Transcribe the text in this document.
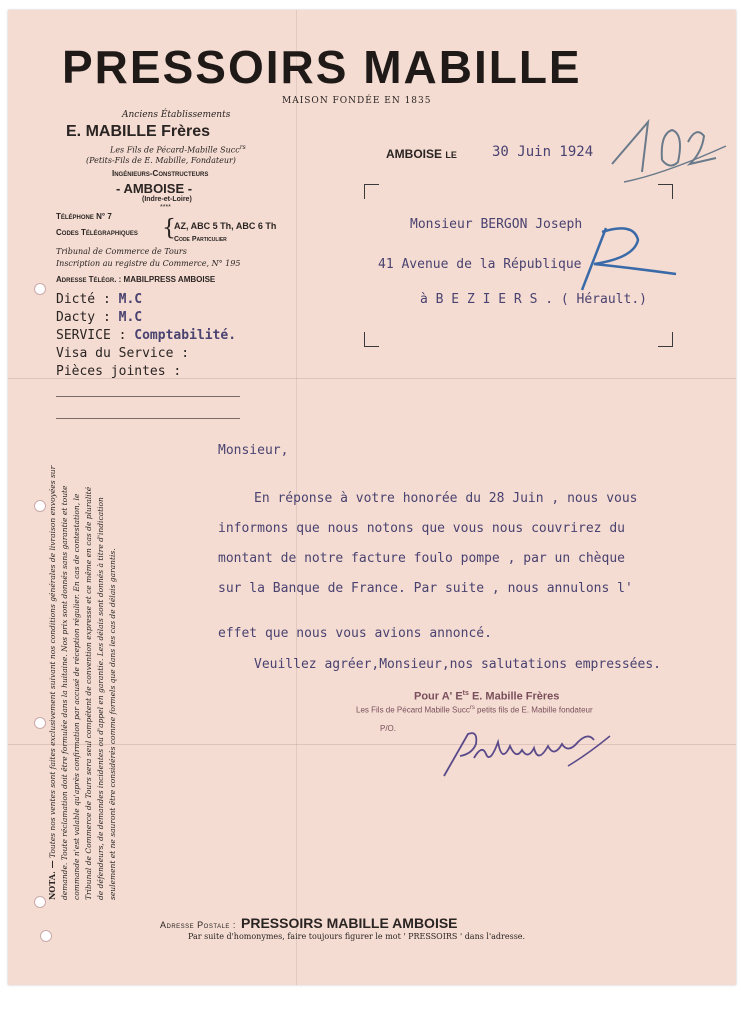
PRESSOIRS MABILLE
MAISON FONDÉE EN 1835
Anciens Établissements
E. MABILLE Frères
Les Fils de Pécard-Mabille Succ$^{rs}$
(Petits-Fils de E. Mabille, Fondateur)
Ingénieurs-Constructeurs
- AMBOISE -
(Indre-et-Loire)
****
Téléphone N° 7
Codes Télégraphiques {
AZ, ABC 5 Th, ABC 6 Th
Code Particulier
Tribunal de Commerce de Tours
Inscription au registre du Commerce, N° 195
Adresse Télégr. : MABILPRESS AMBOISE
Dicté : M.C
Dacty : M.C
SERVICE : Comptabilité.
Visa du Service :
Pièces jointes :
AMBOISE LE	30 Juin 1924
Monsieur BERGON Joseph
41 Avenue de la République
à B E Z I E R S . ( Hérault.)
Monsieur,
En réponse à votre honorée du 28 Juin , nous vous
informons que nous notons que vous nous couvrirez du
montant de notre facture foulo pompe , par un chèque
sur la Banque de France. Par suite , nous annulons l'
effet que nous vous avions annoncé.
Veuillez agréer,Monsieur,nos salutations empressées.
Pour A' $E^{ts}$ E. Mabille Frères
Les Fils de Pécard Mabille Succ$^{rs}$ petits fils de E. Mabille fondateur
P/O.
NOTA. — Toutes nos ventes sont faites exclusivement suivant nos conditions générales de livraison envoyées sur demande. Toute réclamation doit être formulée dans la huitaine. Nos prix sont donnés sans garantie et toute commande n'est valable qu'après confirmation par accusé de réception régulier. En cas de contestation, le Tribunal de Commerce de Tours sera seul compétent de convention expresse et ce même en cas de pluralité de défendeurs, de demandes incidentes ou d'appel en garantie. Les délais sont donnés à titre d'indication seulement et ne sauront être considérés comme formels que dans les cas de délais garantis.
Adresse Postale : PRESSOIRS MABILLE AMBOISE
Par suite d'homonymes, faire toujours figurer le mot ' PRESSOIRS ' dans l'adresse.
